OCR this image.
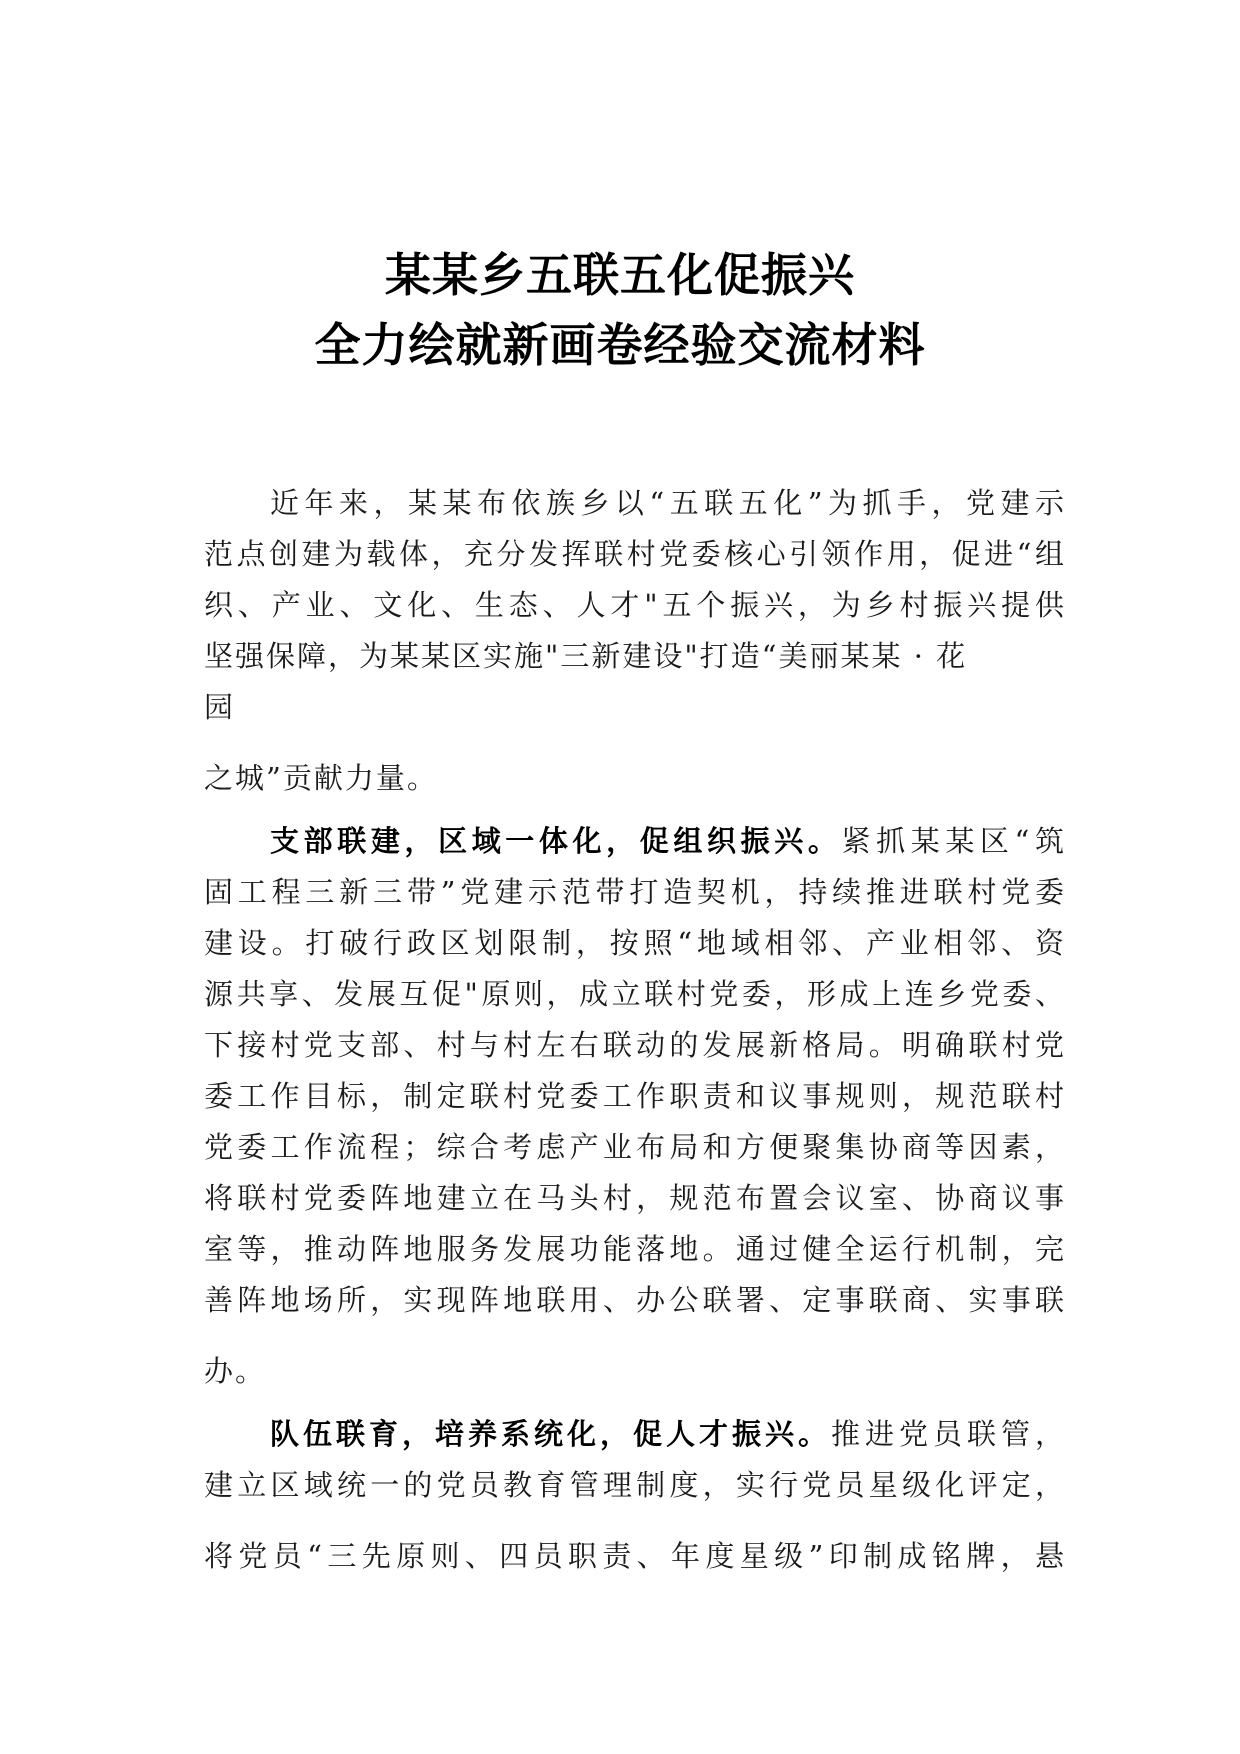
某某乡五联五化促振兴
全力绘就新画卷经验交流材料
近年来，某某布依族乡以“五联五化”为抓手，党建示
范点创建为载体，充分发挥联村党委核心引领作用，促进“组
织、产业、文化、生态、人才"五个振兴，为乡村振兴提供
坚强保障，为某某区实施"三新建设"打造“美丽某某 · 花
园
之城”贡献力量。
支部联建，区域一体化，促组织振兴。紧抓某某区“筑
固工程三新三带”党建示范带打造契机，持续推进联村党委
建设。打破行政区划限制，按照“地域相邻、产业相邻、资
源共享、发展互促"原则，成立联村党委，形成上连乡党委、
下接村党支部、村与村左右联动的发展新格局。明确联村党
委工作目标，制定联村党委工作职责和议事规则，规范联村
党委工作流程；综合考虑产业布局和方便聚集协商等因素，
将联村党委阵地建立在马头村，规范布置会议室、协商议事
室等，推动阵地服务发展功能落地。通过健全运行机制，完
善阵地场所，实现阵地联用、办公联署、定事联商、实事联
办。
队伍联育，培养系统化，促人才振兴。推进党员联管，
建立区域统一的党员教育管理制度，实行党员星级化评定，
将党员“三先原则、四员职责、年度星级”印制成铭牌，悬
